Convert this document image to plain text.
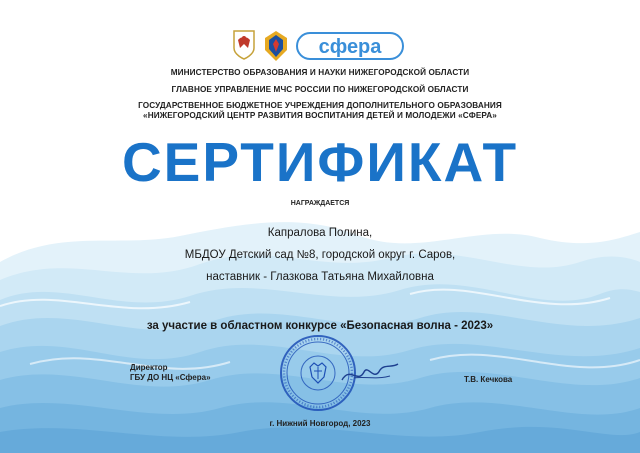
сфера
МИНИСТЕРСТВО ОБРАЗОВАНИЯ И НАУКИ НИЖЕГОРОДСКОЙ ОБЛАСТИ
ГЛАВНОЕ УПРАВЛЕНИЕ МЧС РОССИИ ПО НИЖЕГОРОДСКОЙ ОБЛАСТИ
ГОСУДАРСТВЕННОЕ БЮДЖЕТНОЕ УЧРЕЖДЕНИЯ ДОПОЛНИТЕЛЬНОГО ОБРАЗОВАНИЯ
«НИЖЕГОРОДСКИЙ ЦЕНТР РАЗВИТИЯ ВОСПИТАНИЯ ДЕТЕЙ И МОЛОДЕЖИ «СФЕРА»
СЕРТИФИКАТ
НАГРАЖДАЕТСЯ
Капралова Полина,
МБДОУ Детский сад №8, городской округ г. Саров,
наставник - Глазкова Татьяна Михайловна
за участие в областном конкурсе «Безопасная волна - 2023»
Директор
ГБУ ДО НЦ «Сфера»	Т.В. Кечкова
г. Нижний Новгород, 2023
